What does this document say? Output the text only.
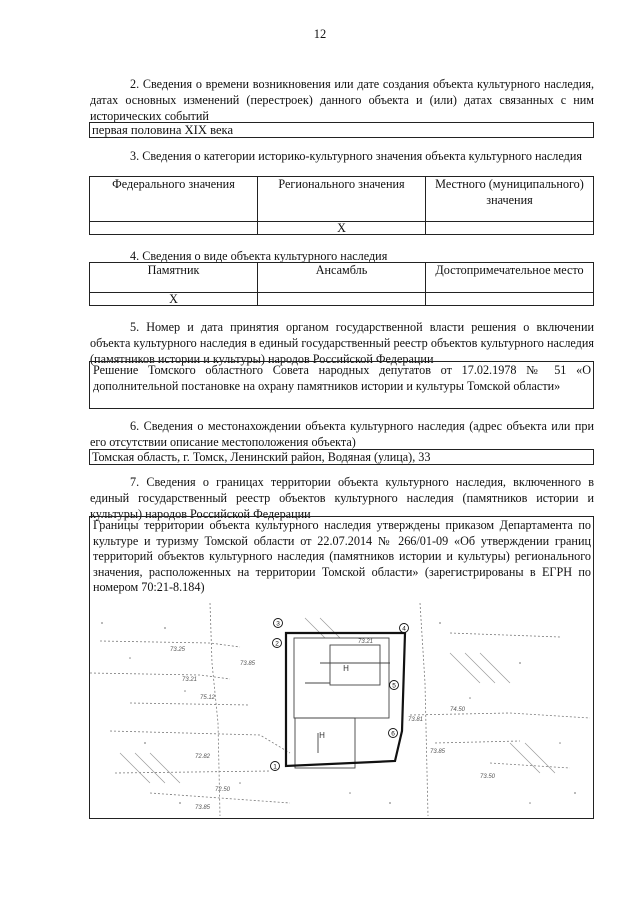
12

2. Сведения о времени возникновения или дате создания объекта культурного наследия, датах основных изменений (перестроек) данного объекта и (или) датах связанных с ним исторических событий

первая половина XIX века

3. Сведения о категории историко-культурного значения объекта культурного наследия

Федерального значения	Регионального значения	Местного (муниципального) значения
	X	

4. Сведения о виде объекта культурного наследия

Памятник	Ансамбль	Достопримечательное место
X		

5. Номер и дата принятия органом государственной власти решения о включении объекта культурного наследия в единый государственный реестр объектов культурного наследия (памятников истории и культуры) народов Российской Федерации

Решение Томского областного Совета народных депутатов от 17.02.1978 № 51 «О дополнительной постановке на охрану памятников истории и культуры Томской области»

6. Сведения о местонахождении объекта культурного наследия (адрес объекта или при его отсутствии описание местоположения объекта)

Томская область, г. Томск, Ленинский район, Водяная (улица), 33

7. Сведения о границах территории объекта культурного наследия, включенного в единый государственный реестр объектов культурного наследия (памятников истории и культуры) народов Российской Федерации

Границы территории объекта культурного наследия утверждены приказом Департамента по культуре и туризму Томской области от 22.07.2014 № 266/01-09 «Об утверждении границ территорий объектов культурного наследия (памятников истории и культуры) регионального значения, расположенных на территории Томской области» (зарегистрированы в ЕГРН по номером 70:21-8.184)
1
2
3
4
5
6
Н
Н
73.21
73.25
73.85
75.12
73.21
74.50
73.81
73.85
72.82
73.50
72.50
73.85
